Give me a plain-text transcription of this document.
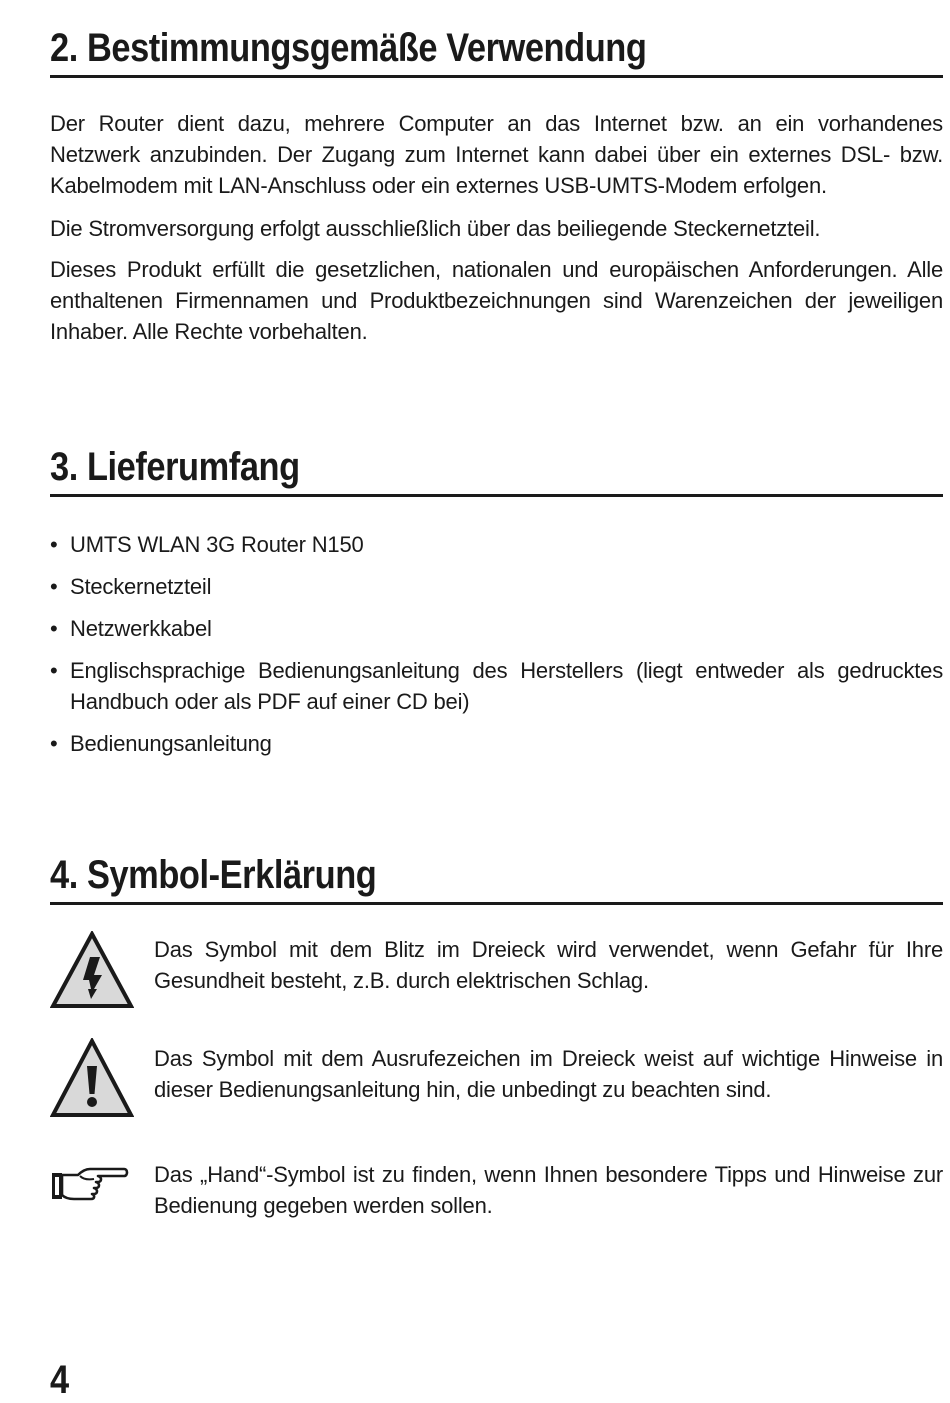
2. Bestimmungsgemäße Verwendung

Der Router dient dazu, mehrere Computer an das Internet bzw. an ein vorhandenes Netzwerk anzubinden. Der Zugang zum Internet kann dabei über ein externes DSL- bzw. Kabelmodem mit LAN-Anschluss oder ein externes USB-UMTS-Modem erfolgen.

Die Stromversorgung erfolgt ausschließlich über das beiliegende Steckernetzteil.

Dieses Produkt erfüllt die gesetzlichen, nationalen und europäischen Anforderungen. Alle enthaltenen Firmennamen und Produktbezeichnungen sind Warenzeichen der jeweiligen Inhaber. Alle Rechte vorbehalten.

3. Lieferumfang
• UMTS WLAN 3G Router N150
• Steckernetzteil
• Netzwerkkabel
• Englischsprachige Bedienungsanleitung des Herstellers (liegt entweder als gedrucktes Handbuch oder als PDF auf einer CD bei)
• Bedienungsanleitung
4. Symbol-Erklärung
Das Symbol mit dem Blitz im Dreieck wird verwendet, wenn Gefahr für Ihre Gesundheit besteht, z.B. durch elektrischen Schlag.
Das Symbol mit dem Ausrufezeichen im Dreieck weist auf wichtige Hinweise in dieser Bedienungsanleitung hin, die unbedingt zu beachten sind.
Das „Hand“-Symbol ist zu finden, wenn Ihnen besondere Tipps und Hinweise zur Bedienung gegeben werden sollen.
4
